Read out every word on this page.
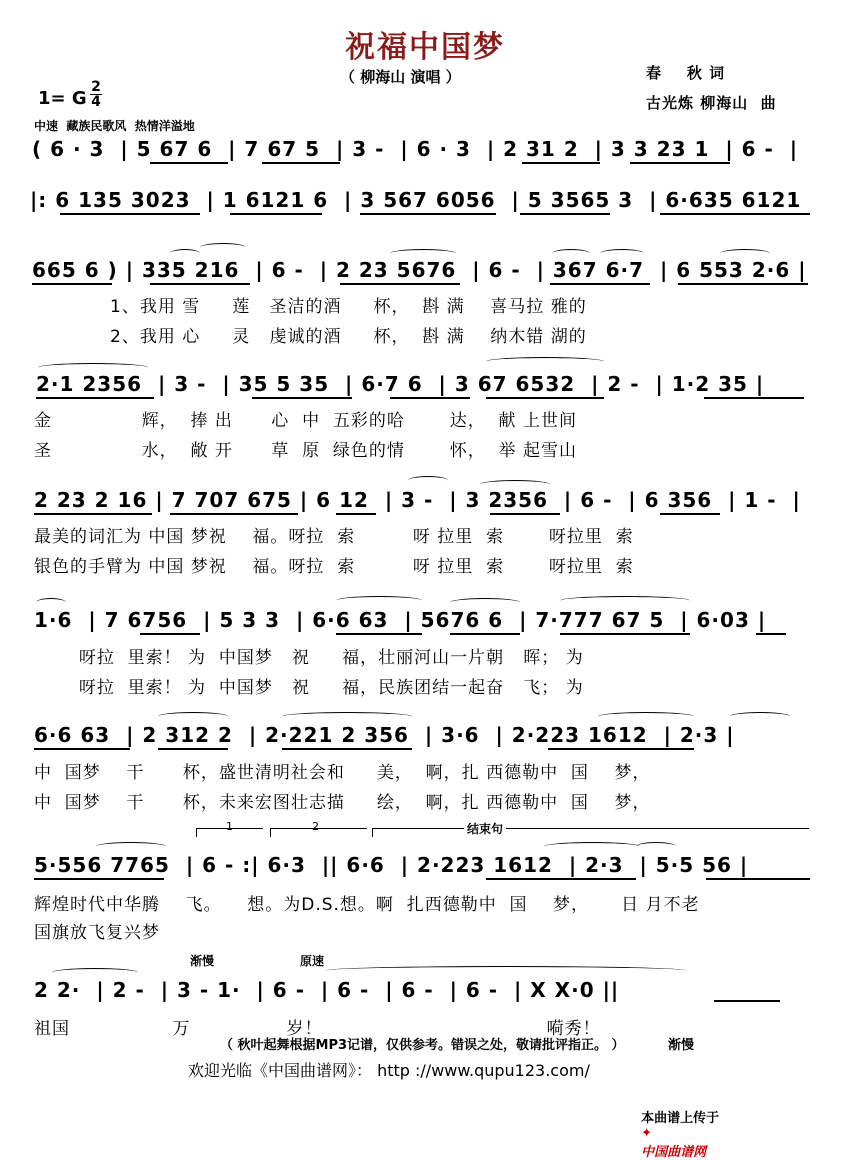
祝福中国梦
（ 柳海山 演唱 ）	春    秋 词
古光炼 柳海山  曲
1= G
2
4
中速  藏族民歌风  热情洋溢地
( 6 · 3  | 5 67 6  | 7 67 5  | 3 -  | 6 · 3  | 2 31 2  | 3 3 23 1  | 6 -  |
|: 6 135 3023  | 1 6121 6  | 3 567 6056  | 5 3565 3  | 6·635 6121
665 6 ) | 335 216  | 6 -  | 2 23 5676  | 6 -  | 367 6·7  | 6 553 2·6 |
1、我用 雪     莲   圣洁的酒     杯，  斟 满    喜马拉 雅的
2、我用 心     灵   虔诚的酒     杯，  斟 满    纳木错 湖的
2·1 2356  | 3 -  | 35 5 35  | 6·7 6  | 3 67 6532  | 2 -  | 1·2 35 |
金              辉，  捧 出      心  中  五彩的哈       达，  献 上世间
圣              水，  敞 开      草  原  绿色的情       怀，  举 起雪山
2 23 2 16 | 7 707 675 | 6 12  | 3 -  | 3 2356  | 6 -  | 6 356  | 1 -  |
最美的词汇为 中国 梦祝    福。呀拉  索         呀 拉里  索       呀拉里  索
银色的手臂为 中国 梦祝    福。呀拉  索         呀 拉里  索       呀拉里  索
1·6  | 7 6756  | 5 3 3  | 6·6 63  | 5676 6  | 7·777 67 5  | 6·03 |
呀拉  里索！ 为  中国梦   祝     福，壮丽河山一片朝   晖； 为
呀拉  里索！ 为  中国梦   祝     福，民族团结一起奋   飞； 为
6·6 63  | 2 312 2  | 2·221 2 356  | 3·6  | 2·223 1612  | 2·3 |
中  国梦    干      杯，盛世清明社会和     美，  啊，扎 西德勒中  国    梦，
中  国梦    干      杯，未来宏图壮志描     绘，  啊，扎 西德勒中  国    梦，
1	2	结束句
5·556 7765  | 6 - :| 6·3  || 6·6  | 2·223 1612  | 2·3  | 5·5 56 |
辉煌时代中华腾    飞。    想。为D.S.想。啊  扎西德勒中  国    梦，     日 月不老
国旗放飞复兴梦
渐慢	原速
2 2·  | 2 -  | 3 - 1·  | 6 -  | 6 -  | 6 -  | 6 -  | X X·0 ||
祖国                万               岁！                                   嗬秀！
（ 秋叶起舞根据MP3记谱，仅供参考。错误之处，敬请批评指正。 ）	渐慢
欢迎光临《中国曲谱网》： http ://www.qupu123.com/

本曲谱上传于
✦
中国曲谱网
